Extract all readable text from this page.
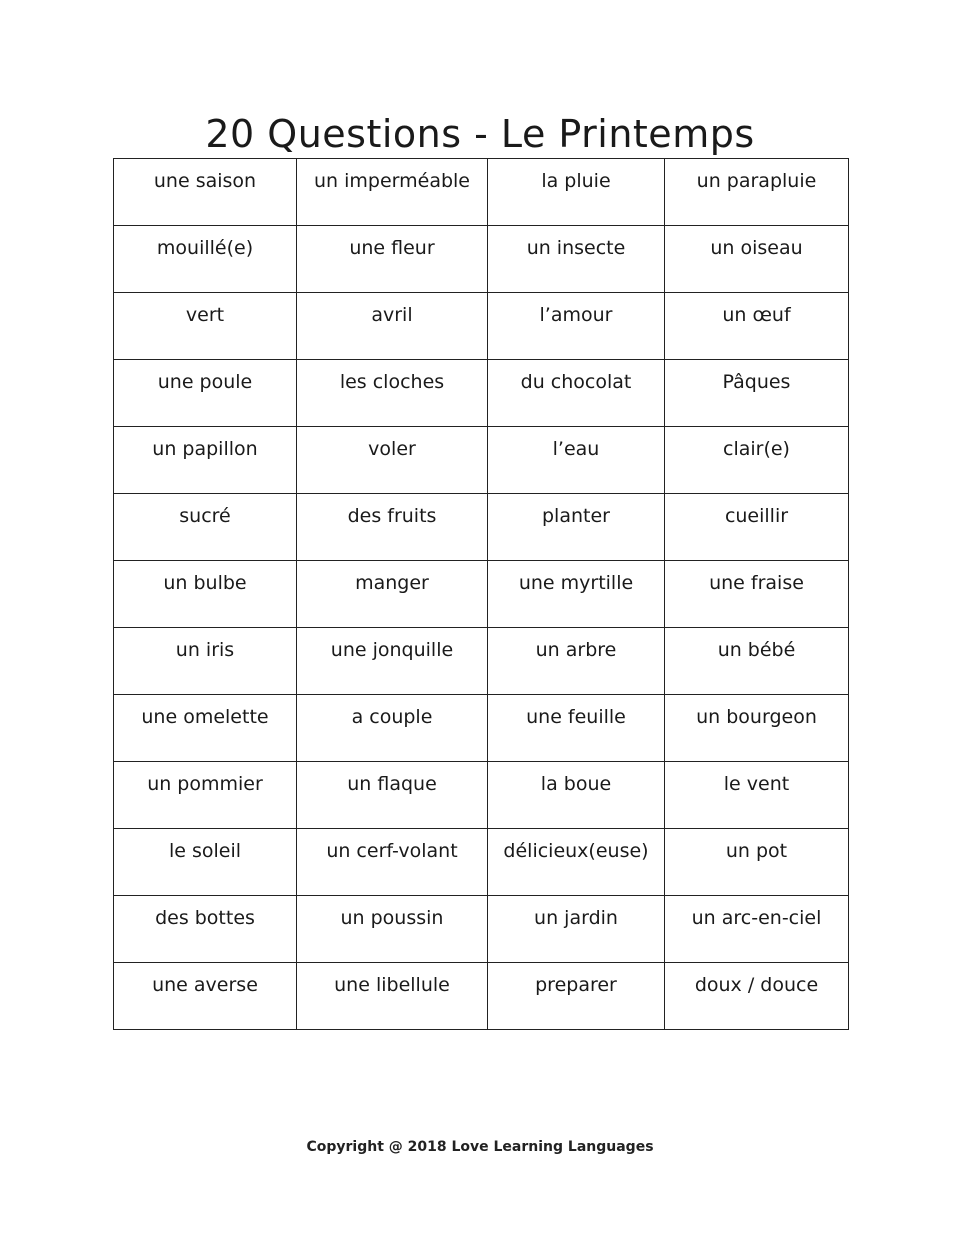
20 Questions - Le Printemps
une saison	un imperméable	la pluie	un parapluie
mouillé(e)	une fleur	un insecte	un oiseau
vert	avril	l’amour	un œuf
une poule	les cloches	du chocolat	Pâques
un papillon	voler	l’eau	clair(e)
sucré	des fruits	planter	cueillir
un bulbe	manger	une myrtille	une fraise
un iris	une jonquille	un arbre	un bébé
une omelette	a couple	une feuille	un bourgeon
un pommier	un flaque	la boue	le vent
le soleil	un cerf-volant	délicieux(euse)	un pot
des bottes	un poussin	un jardin	un arc-en-ciel
une averse	une libellule	preparer	doux / douce
Copyright @ 2018 Love Learning Languages
